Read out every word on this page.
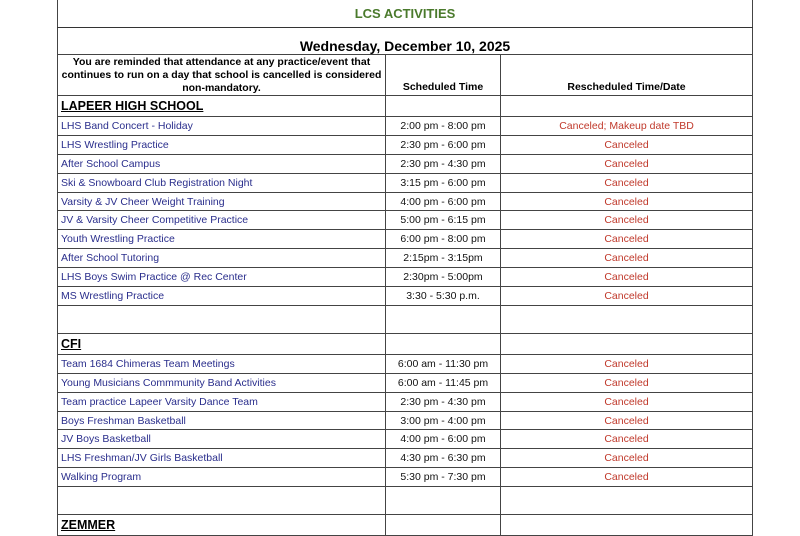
LCS ACTIVITIES		
Wednesday, December 10, 2025		
You are reminded that attendance at any practice/event that continues to run on a day that school is cancelled is considered non-mandatory.	Scheduled Time	Rescheduled Time/Date
LAPEER HIGH SCHOOL		
LHS Band Concert - Holiday	2:00 pm - 8:00 pm	Canceled; Makeup date TBD
LHS Wrestling Practice	2:30 pm - 6:00 pm	Canceled
After School Campus	2:30 pm - 4:30 pm	Canceled
Ski & Snowboard Club Registration Night	3:15 pm - 6:00 pm	Canceled
Varsity & JV Cheer Weight Training	4:00 pm - 6:00 pm	Canceled
JV & Varsity Cheer Competitive Practice	5:00 pm - 6:15 pm	Canceled
Youth Wrestling Practice	6:00 pm - 8:00 pm	Canceled
After School Tutoring	2:15pm - 3:15pm	Canceled
LHS Boys Swim Practice @ Rec Center	2:30pm - 5:00pm	Canceled
MS Wrestling Practice	3:30 - 5:30 p.m.	Canceled

CFI		
Team 1684 Chimeras Team Meetings	6:00 am - 11:30 pm	Canceled
Young Musicians Commmunity Band Activities	6:00 am - 11:45 pm	Canceled
Team practice Lapeer Varsity Dance Team	2:30 pm - 4:30 pm	Canceled
Boys Freshman Basketball	3:00 pm - 4:00 pm	Canceled
JV Boys Basketball	4:00 pm - 6:00 pm	Canceled
LHS Freshman/JV Girls Basketball	4:30 pm - 6:30 pm	Canceled
Walking Program	5:30 pm - 7:30 pm	Canceled

ZEMMER		
